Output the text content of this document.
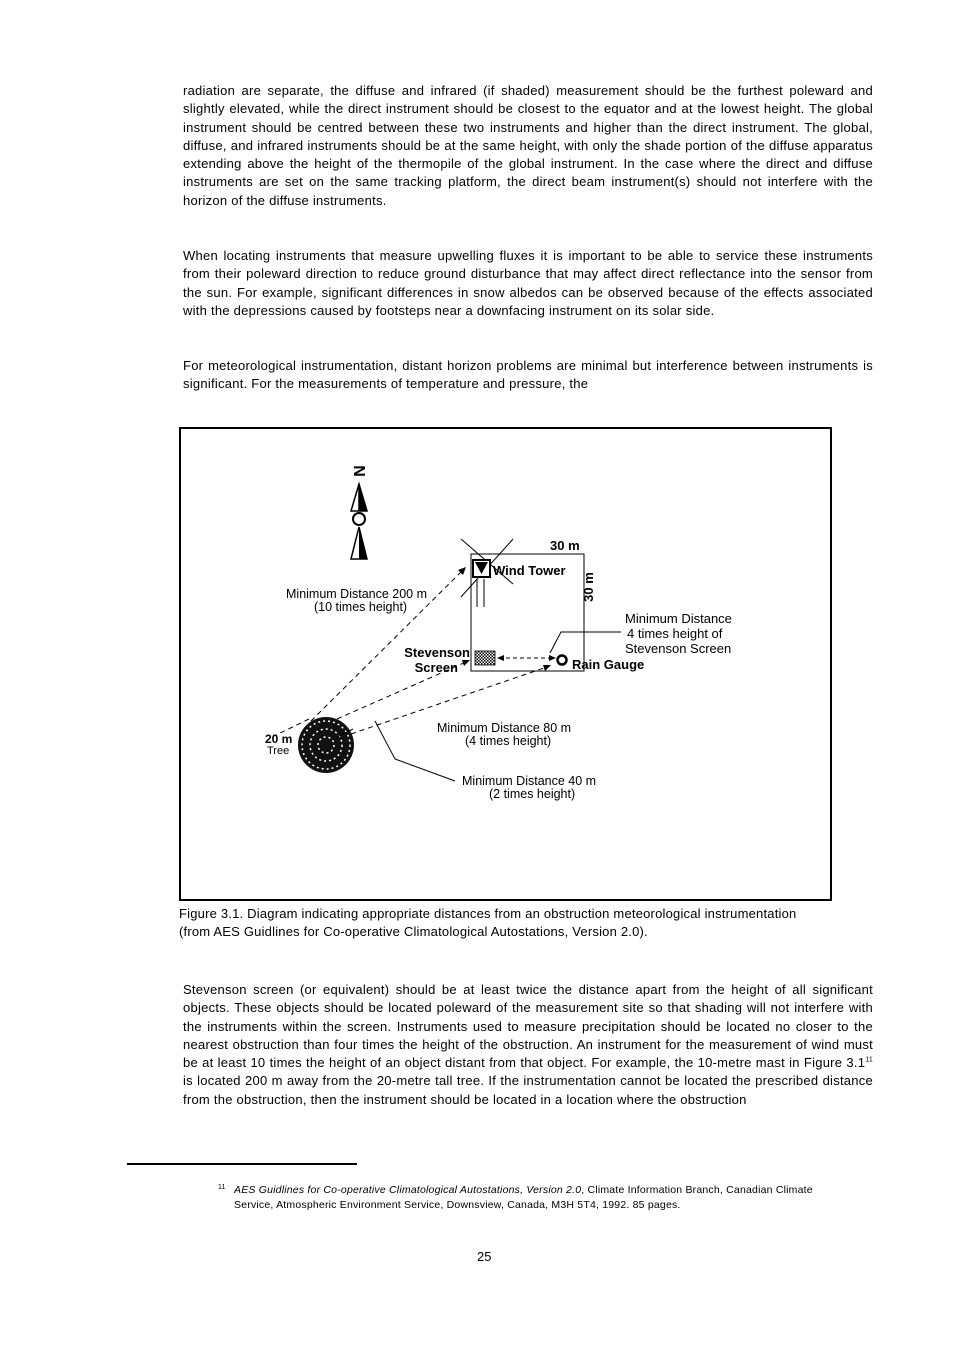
radiation are separate, the diffuse and infrared (if shaded) measurement should be the furthest poleward and slightly elevated, while the direct instrument should be closest to the equator and at the lowest height. The global instrument should be centred between these two instruments and higher than the direct instrument. The global, diffuse, and infrared instruments should be at the same height, with only the shade portion of the diffuse apparatus extending above the height of the thermopile of the global instrument. In the case where the direct and diffuse instruments are set on the same tracking platform, the direct beam instrument(s) should not interfere with the horizon of the diffuse instruments.

When locating instruments that measure upwelling fluxes it is important to be able to service these instruments from their poleward direction to reduce ground disturbance that may affect direct reflectance into the sensor from the sun. For example, significant differences in snow albedos can be observed because of the effects associated with the depressions caused by footsteps near a downfacing instrument on its solar side.

For meteorological instrumentation, distant horizon problems are minimal but interference between instruments is significant. For the measurements of temperature and pressure, the

N
Wind Tower
30 m
30 m
Stevenson
Screen	Rain Gauge
Minimum Distance
4 times height of
Stevenson Screen
20 m
Tree
Minimum Distance 200 m
(10 times height)
Minimum Distance 80 m
(4 times height)
Minimum Distance 40 m
(2 times height)

Figure 3.1. Diagram indicating appropriate distances from an obstruction meteorological instrumentation (from AES Guidlines for Co-operative Climatological Autostations, Version 2.0).

Stevenson screen (or equivalent) should be at least twice the distance apart from the height of all significant objects. These objects should be located poleward of the measurement site so that shading will not interfere with the instruments within the screen. Instruments used to measure precipitation should be located no closer to the nearest obstruction than four times the height of the obstruction. An instrument for the measurement of wind must be at least 10 times the height of an object distant from that object. For example, the 10-metre mast in Figure 3.1$^{11}$ is located 200 m away from the 20-metre tall tree. If the instrumentation cannot be located the prescribed distance from the obstruction, then the instrument should be located in a location where the obstruction

11 AES Guidlines for Co-operative Climatological Autostations, Version 2.0, Climate Information Branch, Canadian Climate Service, Atmospheric Environment Service, Downsview, Canada, M3H 5T4, 1992. 85 pages.
25
